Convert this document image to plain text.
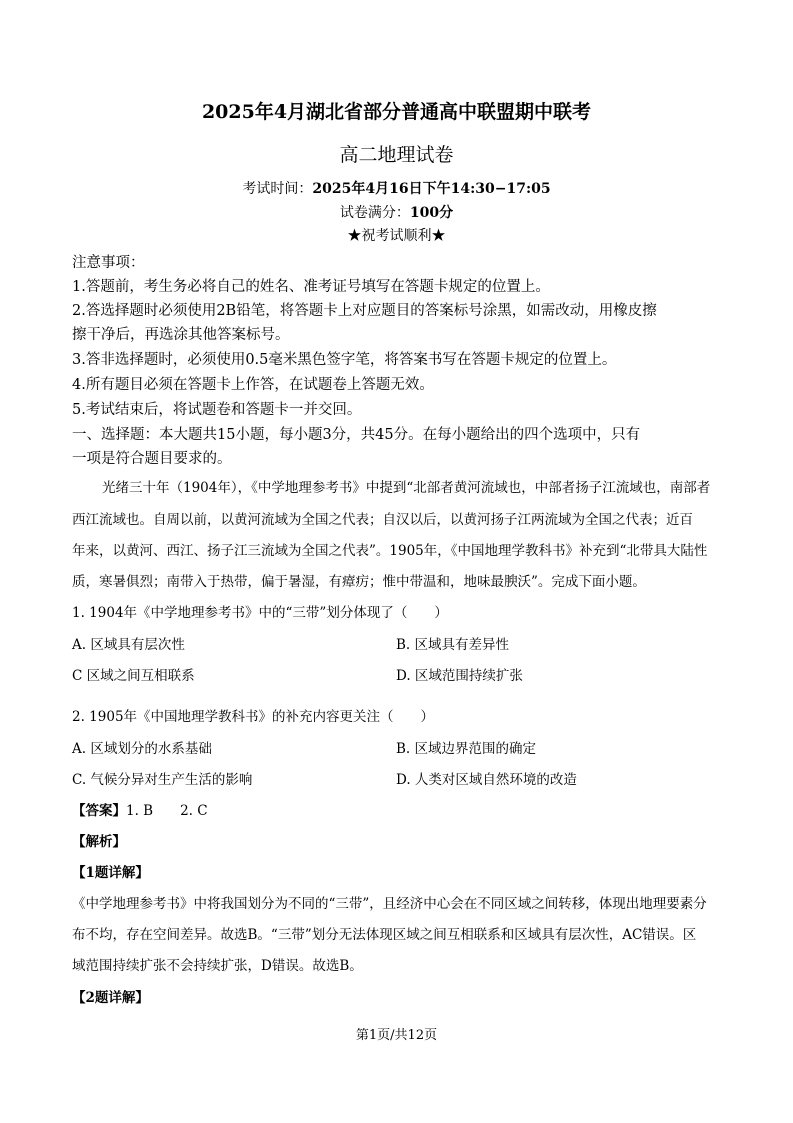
2025年4月湖北省部分普通高中联盟期中联考
高二地理试卷
考试时间：2025年4月16日下午14:30−17:05
试卷满分：100分
★祝考试顺利★
注意事项：
1.答题前，考生务必将自己的姓名、准考证号填写在答题卡规定的位置上。
2.答选择题时必须使用2B铅笔，将答题卡上对应题目的答案标号涂黑，如需改动，用橡皮擦
擦干净后，再选涂其他答案标号。
3.答非选择题时，必须使用0.5毫米黑色签字笔，将答案书写在答题卡规定的位置上。
4.所有题目必须在答题卡上作答，在试题卷上答题无效。
5.考试结束后，将试题卷和答题卡一并交回。
一、选择题：本大题共15小题，每小题3分，共45分。在每小题给出的四个选项中，只有
一项是符合题目要求的。
光绪三十年（1904年），《中学地理参考书》中提到“北部者黄河流域也，中部者扬子江流域也，南部者
西江流域也。自周以前，以黄河流域为全国之代表；自汉以后，以黄河扬子江两流域为全国之代表；近百
年来，以黄河、西江、扬子江三流域为全国之代表”。1905年，《中国地理学教科书》补充到“北带具大陆性
质，寒暑俱烈；南带入于热带，偏于暑湿，有瘴疠；惟中带温和，地味最腴沃”。完成下面小题。
1. 1904年《中学地理参考书》中的“三带”划分体现了（　　）
A. 区域具有层次性	B. 区域具有差异性
C 区域之间互相联系	D. 区域范围持续扩张
2. 1905年《中国地理学教科书》的补充内容更关注（　　）
A. 区域划分的水系基础	B. 区域边界范围的确定
C. 气候分异对生产生活的影响	D. 人类对区域自然环境的改造
【答案】1. B　　2. C
【解析】
【1题详解】
《中学地理参考书》中将我国划分为不同的“三带”，且经济中心会在不同区域之间转移，体现出地理要素分
布不均，存在空间差异。故选B。“三带”划分无法体现区域之间互相联系和区域具有层次性，AC错误。区
域范围持续扩张不会持续扩张，D错误。故选B。
【2题详解】
第1页/共12页
